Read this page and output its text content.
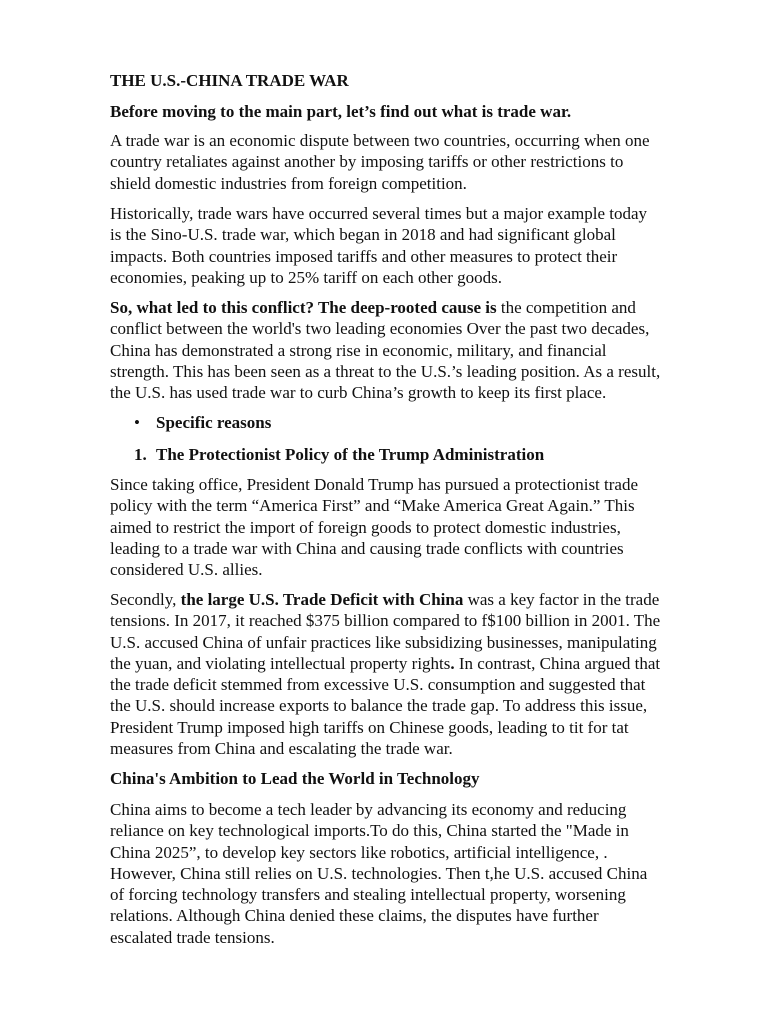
THE U.S.-CHINA TRADE WAR
Before moving to the main part, let’s find out what is trade war.
A trade war is an economic dispute between two countries, occurring when one
country retaliates against another by imposing tariffs or other restrictions to
shield domestic industries from foreign competition.
Historically, trade wars have occurred several times but a major example today
is the Sino-U.S. trade war, which began in 2018 and had significant global
impacts. Both countries imposed tariffs and other measures to protect their
economies, peaking up to 25% tariff on each other goods.
So, what led to this conflict? The deep-rooted cause is the competition and
conflict between the world's two leading economies Over the past two decades,
China has demonstrated a strong rise in economic, military, and financial
strength. This has been seen as a threat to the U.S.’s leading position. As a result,
the U.S. has used trade war to curb China’s growth to keep its first place.
• Specific reasons
1. The Protectionist Policy of the Trump Administration
Since taking office, President Donald Trump has pursued a protectionist trade
policy with the term “America First” and “Make America Great Again.” This
aimed to restrict the import of foreign goods to protect domestic industries,
leading to a trade war with China and causing trade conflicts with countries
considered U.S. allies.
Secondly, the large U.S. Trade Deficit with China was a key factor in the trade
tensions. In 2017, it reached $375 billion compared to f$100 billion in 2001. The
U.S. accused China of unfair practices like subsidizing businesses, manipulating
the yuan, and violating intellectual property rights. In contrast, China argued that
the trade deficit stemmed from excessive U.S. consumption and suggested that
the U.S. should increase exports to balance the trade gap. To address this issue,
President Trump imposed high tariffs on Chinese goods, leading to tit for tat
measures from China and escalating the trade war.
China's Ambition to Lead the World in Technology
China aims to become a tech leader by advancing its economy and reducing
reliance on key technological imports.To do this, China started the "Made in
China 2025”, to develop key sectors like robotics, artificial intelligence, .
However, China still relies on U.S. technologies. Then t,he U.S. accused China
of forcing technology transfers and stealing intellectual property, worsening
relations. Although China denied these claims, the disputes have further
escalated trade tensions.
